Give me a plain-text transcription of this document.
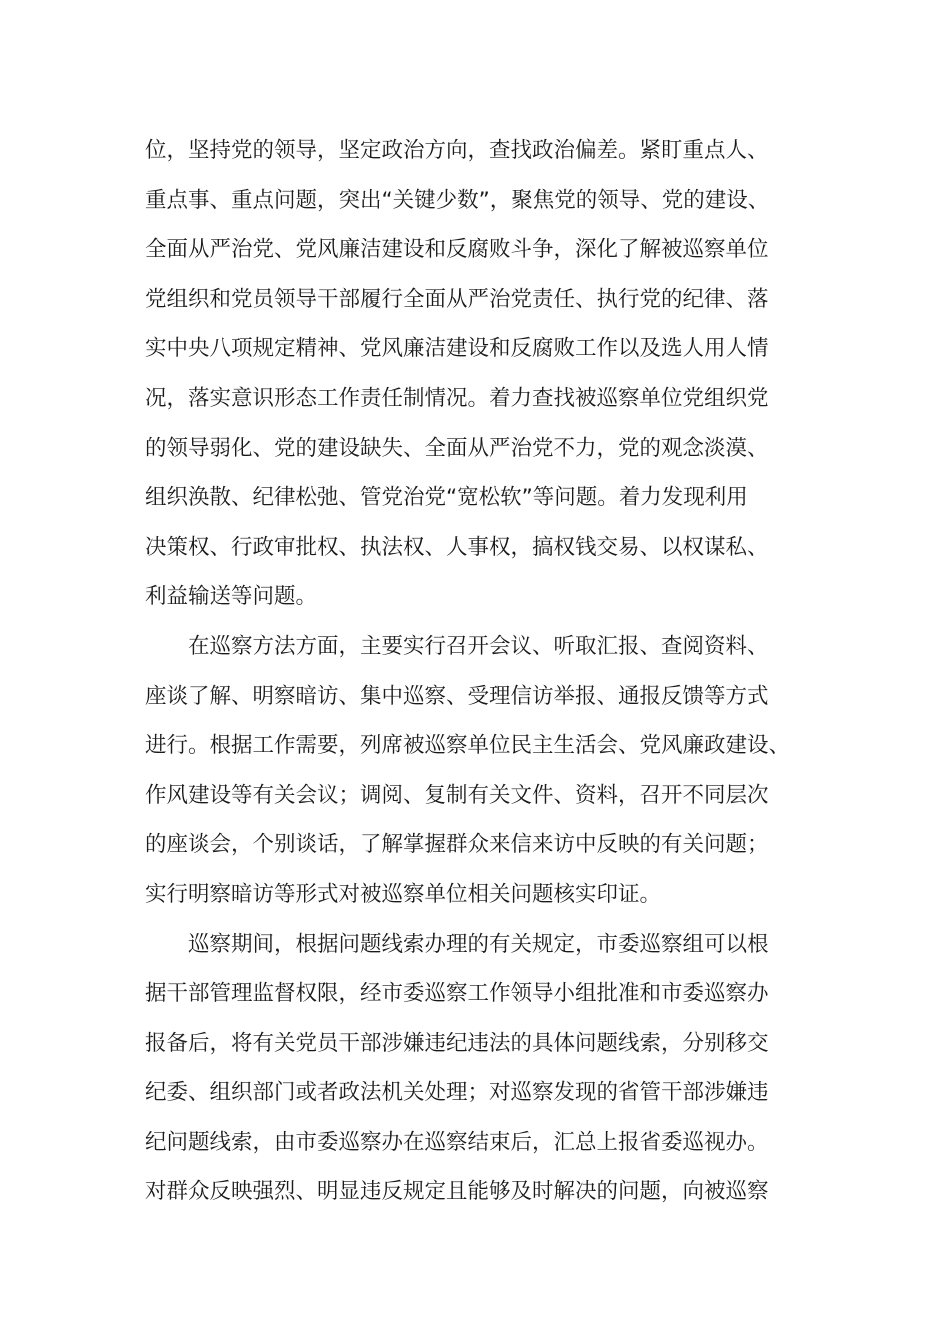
位，坚持党的领导，坚定政治方向，查找政治偏差。紧盯重点人、
重点事、重点问题，突出“关键少数”，聚焦党的领导、党的建设、
全面从严治党、党风廉洁建设和反腐败斗争，深化了解被巡察单位
党组织和党员领导干部履行全面从严治党责任、执行党的纪律、落
实中央八项规定精神、党风廉洁建设和反腐败工作以及选人用人情
况，落实意识形态工作责任制情况。着力查找被巡察单位党组织党
的领导弱化、党的建设缺失、全面从严治党不力，党的观念淡漠、
组织涣散、纪律松弛、管党治党“宽松软”等问题。着力发现利用
决策权、行政审批权、执法权、人事权，搞权钱交易、以权谋私、
利益输送等问题。
在巡察方法方面，主要实行召开会议、听取汇报、查阅资料、
座谈了解、明察暗访、集中巡察、受理信访举报、通报反馈等方式
进行。根据工作需要，列席被巡察单位民主生活会、党风廉政建设、
作风建设等有关会议；调阅、复制有关文件、资料，召开不同层次
的座谈会，个别谈话，了解掌握群众来信来访中反映的有关问题；
实行明察暗访等形式对被巡察单位相关问题核实印证。
巡察期间，根据问题线索办理的有关规定，市委巡察组可以根
据干部管理监督权限，经市委巡察工作领导小组批准和市委巡察办
报备后，将有关党员干部涉嫌违纪违法的具体问题线索，分别移交
纪委、组织部门或者政法机关处理；对巡察发现的省管干部涉嫌违
纪问题线索，由市委巡察办在巡察结束后，汇总上报省委巡视办。
对群众反映强烈、明显违反规定且能够及时解决的问题，向被巡察
